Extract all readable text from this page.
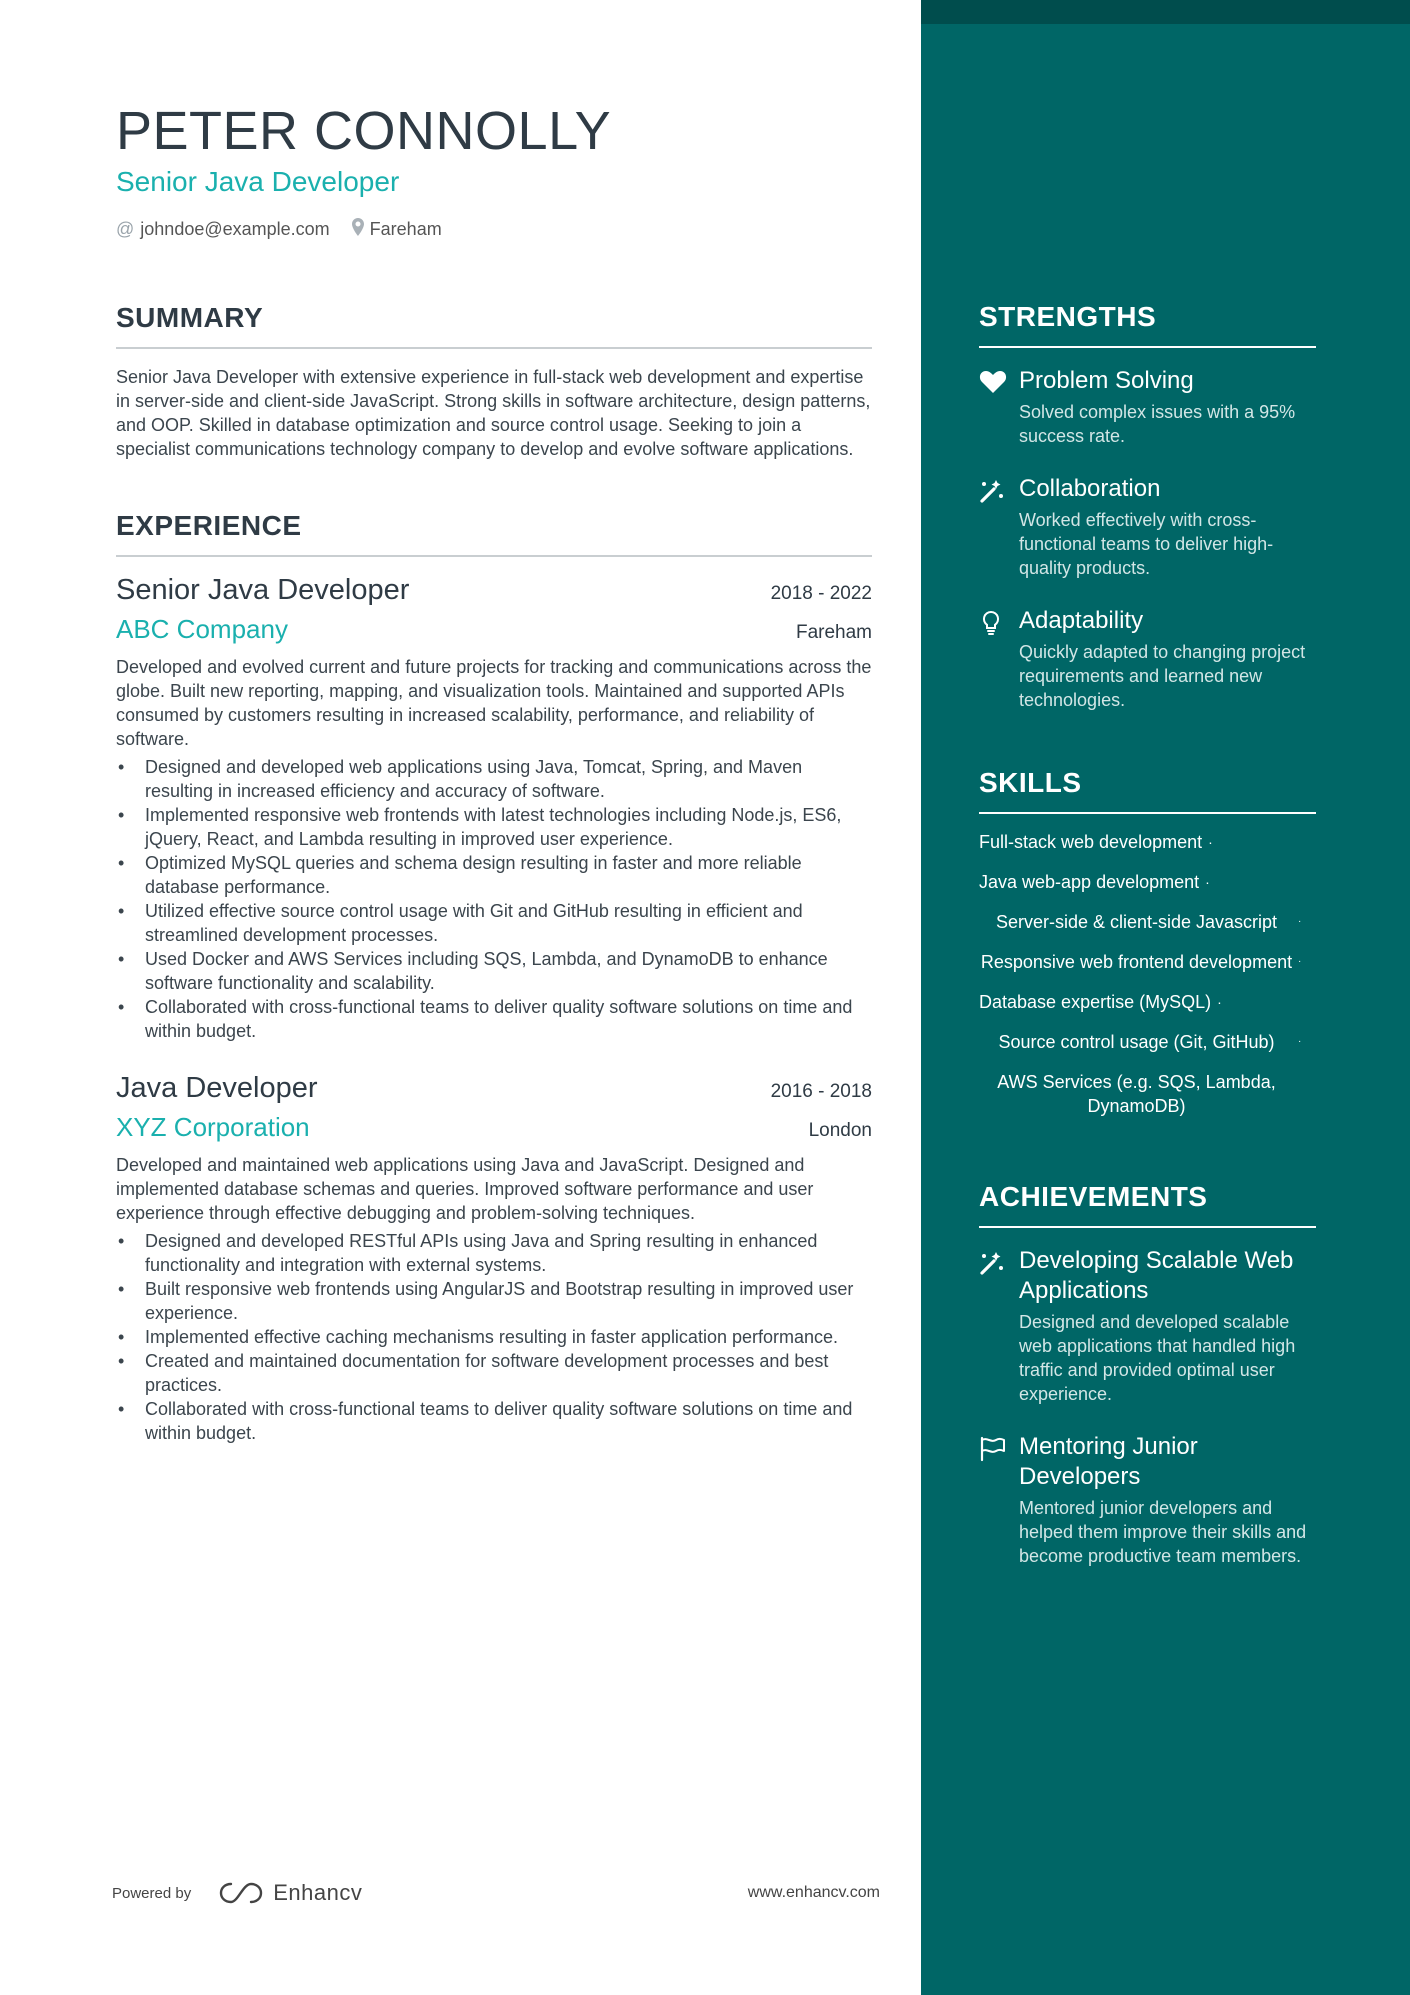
PETER CONNOLLY
Senior Java Developer
@ johndoe@example.com Fareham
SUMMARY

Senior Java Developer with extensive experience in full-stack web development and expertise in server-side and client-side JavaScript. Strong skills in software architecture, design patterns, and OOP. Skilled in database optimization and source control usage. Seeking to join a specialist communications technology company to develop and evolve software applications.

EXPERIENCE
Senior Java Developer	2018 - 2022
ABC Company	Fareham

Developed and evolved current and future projects for tracking and communications across the globe. Built new reporting, mapping, and visualization tools. Maintained and supported APIs consumed by customers resulting in increased scalability, performance, and reliability of software.

• Designed and developed web applications using Java, Tomcat, Spring, and Maven resulting in increased efficiency and accuracy of software.
• Implemented responsive web frontends with latest technologies including Node.js, ES6, jQuery, React, and Lambda resulting in improved user experience.
• Optimized MySQL queries and schema design resulting in faster and more reliable database performance.
• Utilized effective source control usage with Git and GitHub resulting in efficient and streamlined development processes.
• Used Docker and AWS Services including SQS, Lambda, and DynamoDB to enhance software functionality and scalability.
• Collaborated with cross-functional teams to deliver quality software solutions on time and within budget.
Java Developer	2016 - 2018
XYZ Corporation	London

Developed and maintained web applications using Java and JavaScript. Designed and implemented database schemas and queries. Improved software performance and user experience through effective debugging and problem-solving techniques.

• Designed and developed RESTful APIs using Java and Spring resulting in enhanced functionality and integration with external systems.
• Built responsive web frontends using AngularJS and Bootstrap resulting in improved user experience.
• Implemented effective caching mechanisms resulting in faster application performance.
• Created and maintained documentation for software development processes and best practices.
• Collaborated with cross-functional teams to deliver quality software solutions on time and within budget.
Powered by	Enhancv	www.enhancv.com
STRENGTHS
Problem Solving
Solved complex issues with a 95% success rate.
Collaboration
Worked effectively with cross-functional teams to deliver high-quality products.
Adaptability
Quickly adapted to changing project requirements and learned new technologies.
SKILLS
Full-stack web development ·
Java web-app development ·
Server-side & client-side Javascript	·
Responsive web frontend development ·
Database expertise (MySQL) ·
Source control usage (Git, GitHub)	·
AWS Services (e.g. SQS, Lambda, DynamoDB)
ACHIEVEMENTS
Developing Scalable Web Applications
Designed and developed scalable web applications that handled high traffic and provided optimal user experience.
Mentoring Junior Developers
Mentored junior developers and helped them improve their skills and become productive team members.
